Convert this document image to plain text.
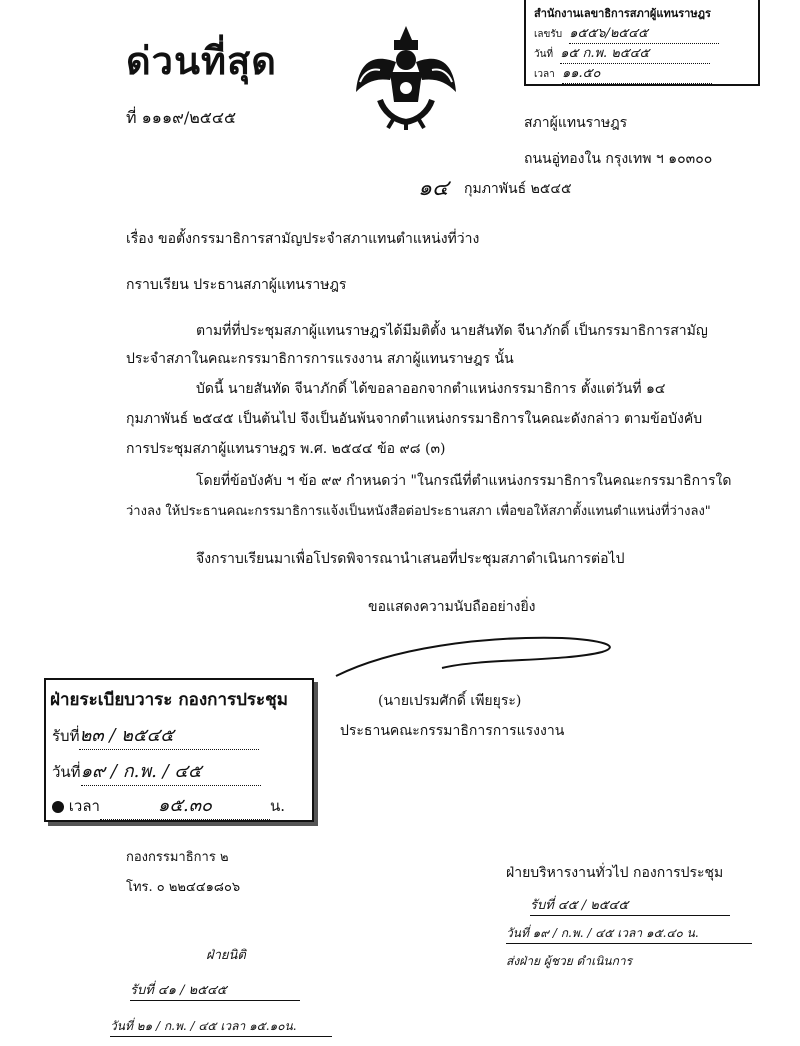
ด่วนที่สุด
ที่ ๑๑๑๙/๒๕๔๕
สำนักงานเลขาธิการสภาผู้แทนราษฎร
เลขรับ ๑๕๕๖/๒๕๔๕
วันที่ ๑๕ ก.พ. ๒๕๔๕
เวลา ๑๑.๕๐
สภาผู้แทนราษฎร
ถนนอู่ทองใน กรุงเทพ ฯ ๑๐๓๐๐
๑๔ กุมภาพันธ์ ๒๕๔๕
เรื่อง ขอตั้งกรรมาธิการสามัญประจำสภาแทนตำแหน่งที่ว่าง
กราบเรียน ประธานสภาผู้แทนราษฎร
ตามที่ที่ประชุมสภาผู้แทนราษฎรได้มีมติตั้ง นายสันทัด จีนาภักดิ์ เป็นกรรมาธิการสามัญ
ประจำสภาในคณะกรรมาธิการการแรงงาน สภาผู้แทนราษฎร นั้น
บัดนี้ นายสันทัด จีนาภักดิ์ ได้ขอลาออกจากตำแหน่งกรรมาธิการ ตั้งแต่วันที่ ๑๔
กุมภาพันธ์ ๒๕๔๕ เป็นต้นไป จึงเป็นอันพ้นจากตำแหน่งกรรมาธิการในคณะดังกล่าว ตามข้อบังคับ
การประชุมสภาผู้แทนราษฎร พ.ศ. ๒๕๔๔ ข้อ ๙๘ (๓)
โดยที่ข้อบังคับ ฯ ข้อ ๙๙ กำหนดว่า "ในกรณีที่ตำแหน่งกรรมาธิการในคณะกรรมาธิการใด
ว่างลง ให้ประธานคณะกรรมาธิการแจ้งเป็นหนังสือต่อประธานสภา เพื่อขอให้สภาตั้งแทนตำแหน่งที่ว่างลง"
จึงกราบเรียนมาเพื่อโปรดพิจารณานำเสนอที่ประชุมสภาดำเนินการต่อไป
ขอแสดงความนับถืออย่างยิ่ง
(นายเปรมศักดิ์ เพียยุระ)
ประธานคณะกรรมาธิการการแรงงาน
ฝ่ายระเบียบวาระ กองการประชุม
รับที่๒๓ / ๒๕๔๕
วันที่๑๙ / ก.พ. / ๔๕
เวลา	๑๕.๓๐	น.
กองกรรมาธิการ ๒
โทร. ๐ ๒๒๔๔๑๘๐๖
ฝ่ายบริหารงานทั่วไป กองการประชุม
รับที่ ๔๕ / ๒๕๔๕
วันที่ ๑๙ / ก.พ. / ๔๕ เวลา ๑๕.๔๐ น.
ส่งฝ่าย ผู้ชวย ดำเนินการ
ฝ่ายนิติ
รับที่ ๔๑ / ๒๕๔๕
วันที่ ๒๑ / ก.พ. / ๔๕ เวลา ๑๕.๑๐น.
